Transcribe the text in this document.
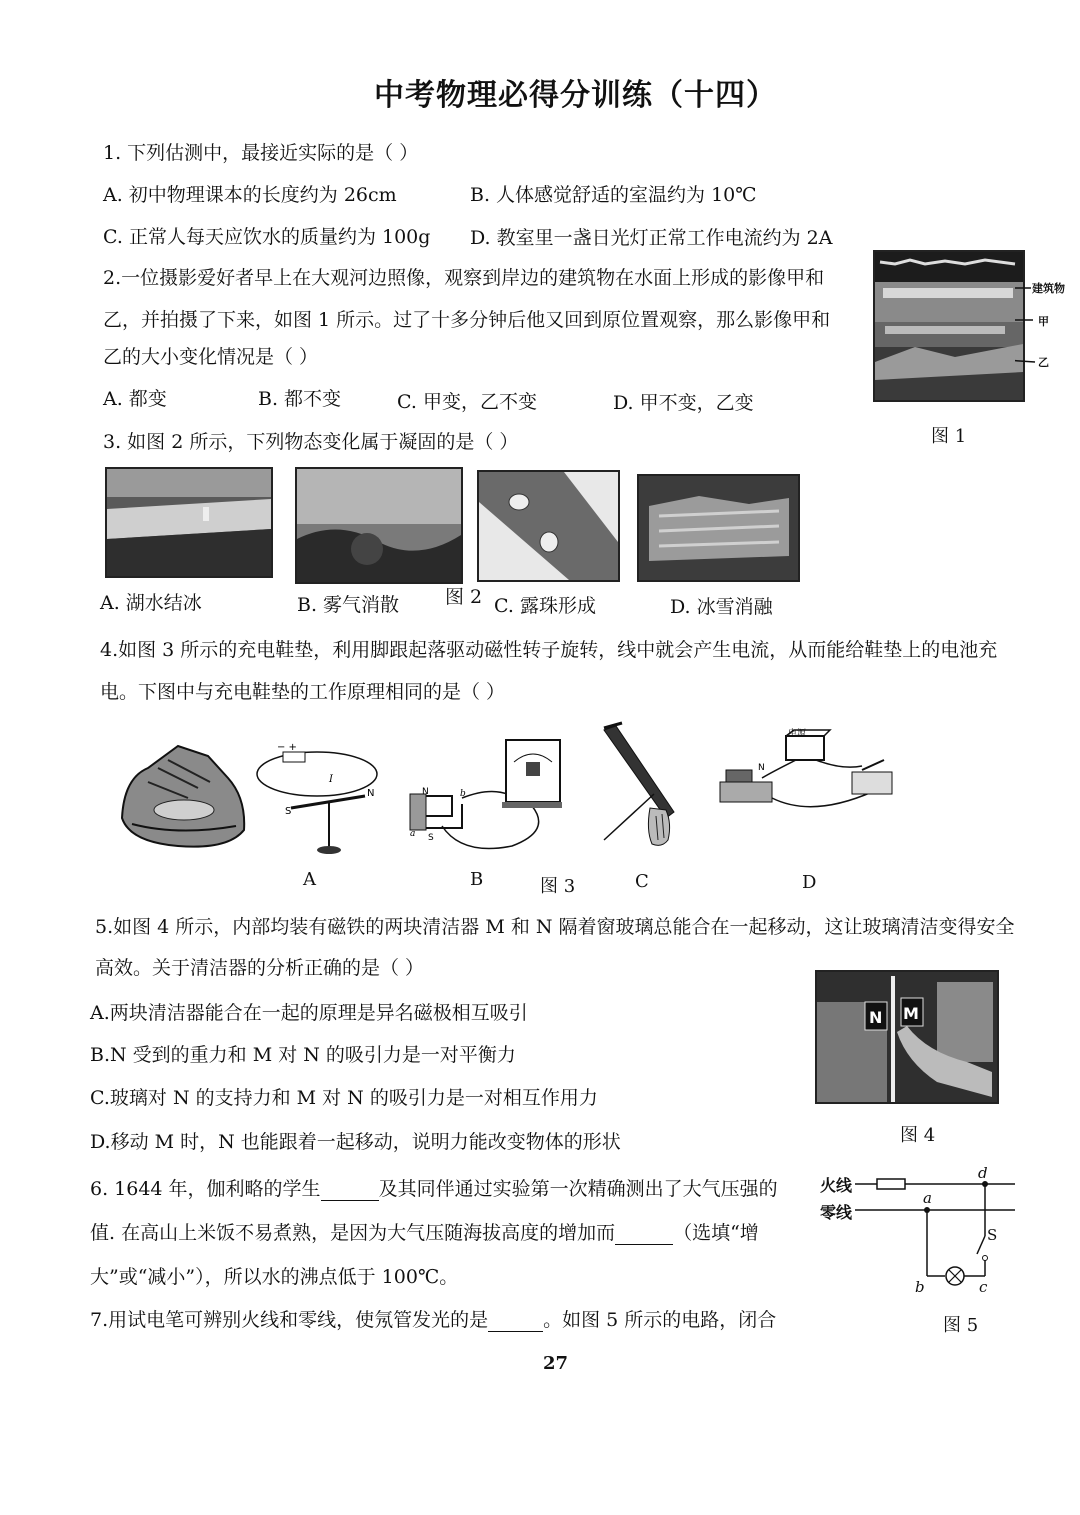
中考物理必得分训练（十四）
1. 下列估测中，最接近实际的是（ ）
A. 初中物理课本的长度约为 26cm	B. 人体感觉舒适的室温约为 10℃
C. 正常人每天应饮水的质量约为 100g D. 教室里一盏日光灯正常工作电流约为 2A
2.一位摄影爱好者早上在大观河边照像，观察到岸边的建筑物在水面上形成的影像甲和
乙，并拍摄了下来，如图 1 所示。过了十多分钟后他又回到原位置观察，那么影像甲和
乙的大小变化情况是（ ）
A. 都变	B. 都不变	C. 甲变，乙不变	D. 甲不变，乙变
建筑物
甲
乙
图 1
3. 如图 2 所示，下列物态变化属于凝固的是（ ）
A. 湖水结冰	B. 雾气消散 图 2 C. 露珠形成	D. 冰雪消融
4.如图 3 所示的充电鞋垫，利用脚跟起落驱动磁性转子旋转，线中就会产生电流，从而能给鞋垫上的电池充
电。下图中与充电鞋垫的工作原理相同的是（ ）
− +
I
S
N	N
S
a
b
N
电源
A	B	图 3	C	D
5.如图 4 所示，内部均装有磁铁的两块清洁器 M 和 N 隔着窗玻璃总能合在一起移动，这让玻璃清洁变得安全
高效。关于清洁器的分析正确的是（ ）
A.两块清洁器能合在一起的原理是异名磁极相互吸引
B.N 受到的重力和 M 对 N 的吸引力是一对平衡力
C.玻璃对 N 的支持力和 M 对 N 的吸引力是一对相互作用力
D.移动 M 时，N 也能跟着一起移动，说明力能改变物体的形状
N M
图 4
6. 1644 年，伽利略的学生	及其同伴通过实验第一次精确测出了大气压强的
值. 在高山上米饭不易煮熟，是因为大气压随海拔高度的增加而	（选填“增
大”或“减小”），所以水的沸点低于 100℃。
7.用试电笔可辨别火线和零线，使氖管发光的是	。如图 5 所示的电路，闭合
火线
零线
d
a
S
b	c
图 5
27
